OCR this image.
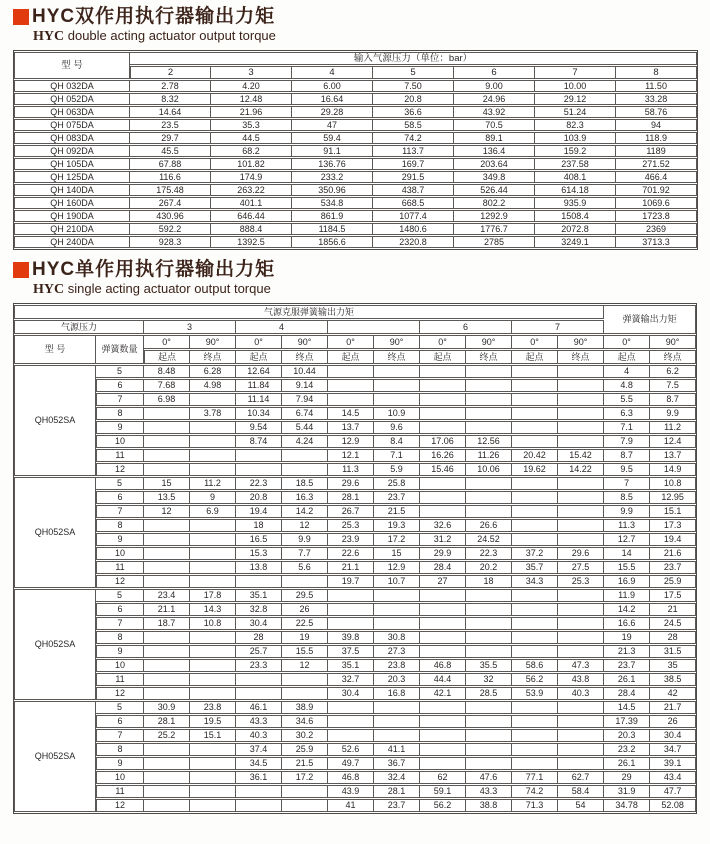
HYC双作用执行器输出力矩
HYC double acting actuator output torque
型 号	输入气源压力（单位：bar）						
	2	3	4	5	6	7	8
QH 032DA	2.78	4.20	6.00	7.50	9.00	10.00	11.50
QH 052DA	8.32	12.48	16.64	20.8	24.96	29.12	33.28
QH 063DA	14.64	21.96	29.28	36.6	43.92	51.24	58.76
QH 075DA	23.5	35.3	47	58.5	70.5	82.3	94
QH 083DA	29.7	44.5	59.4	74.2	89.1	103.9	118.9
QH 092DA	45.5	68.2	91.1	113.7	136.4	159.2	1189
QH 105DA	67.88	101.82	136.76	169.7	203.64	237.58	271.52
QH 125DA	116.6	174.9	233.2	291.5	349.8	408.1	466.4
QH 140DA	175.48	263.22	350.96	438.7	526.44	614.18	701.92
QH 160DA	267.4	401.1	534.8	668.5	802.2	935.9	1069.6
QH 190DA	430.96	646.44	861.9	1077.4	1292.9	1508.4	1723.8
QH 210DA	592.2	888.4	1184.5	1480.6	1776.7	2072.8	2369
QH 240DA	928.3	1392.5	1856.6	2320.8	2785	3249.1	3713.3
HYC单作用执行器输出力矩
HYC single acting actuator output torque
气源克服弹簧输出力矩												弹簧输出力矩	
气源压力		3		4				6		7			
型 号	弹簧数量	0°	90°	0°	90°	0°	90°	0°	90°	0°	90°	0°	90°
		起点	终点	起点	终点	起点	终点	起点	终点	起点	终点	起点	终点
QH052SA	5	8.48	6.28	12.64	10.44							4	6.2
	6	7.68	4.98	11.84	9.14							4.8	7.5
	7	6.98		11.14	7.94							5.5	8.7
	8		3.78	10.34	6.74	14.5	10.9					6.3	9.9
	9			9.54	5.44	13.7	9.6					7.1	11.2
	10			8.74	4.24	12.9	8.4	17.06	12.56			7.9	12.4
	11					12.1	7.1	16.26	11.26	20.42	15.42	8.7	13.7
	12					11.3	5.9	15.46	10.06	19.62	14.22	9.5	14.9
QH052SA	5	15	11.2	22.3	18.5	29.6	25.8					7	10.8
	6	13.5	9	20.8	16.3	28.1	23.7					8.5	12.95
	7	12	6.9	19.4	14.2	26.7	21.5					9.9	15.1
	8			18	12	25.3	19.3	32.6	26.6			11.3	17.3
	9			16.5	9.9	23.9	17.2	31.2	24.52			12.7	19.4
	10			15.3	7.7	22.6	15	29.9	22.3	37.2	29.6	14	21.6
	11			13.8	5.6	21.1	12.9	28.4	20.2	35.7	27.5	15.5	23.7
	12					19.7	10.7	27	18	34.3	25.3	16.9	25.9
QH052SA	5	23.4	17.8	35.1	29.5							11.9	17.5
	6	21.1	14.3	32.8	26							14.2	21
	7	18.7	10.8	30.4	22.5							16.6	24.5
	8			28	19	39.8	30.8					19	28
	9			25.7	15.5	37.5	27.3					21.3	31.5
	10			23.3	12	35.1	23.8	46.8	35.5	58.6	47.3	23.7	35
	11					32.7	20.3	44.4	32	56.2	43.8	26.1	38.5
	12					30.4	16.8	42.1	28.5	53.9	40.3	28.4	42
QH052SA	5	30.9	23.8	46.1	38.9							14.5	21.7
	6	28.1	19.5	43.3	34.6							17.39	26
	7	25.2	15.1	40.3	30.2							20.3	30.4
	8			37.4	25.9	52.6	41.1					23.2	34.7
	9			34.5	21.5	49.7	36.7					26.1	39.1
	10			36.1	17.2	46.8	32.4	62	47.6	77.1	62.7	29	43.4
	11					43.9	28.1	59.1	43.3	74.2	58.4	31.9	47.7
	12					41	23.7	56.2	38.8	71.3	54	34.78	52.08
